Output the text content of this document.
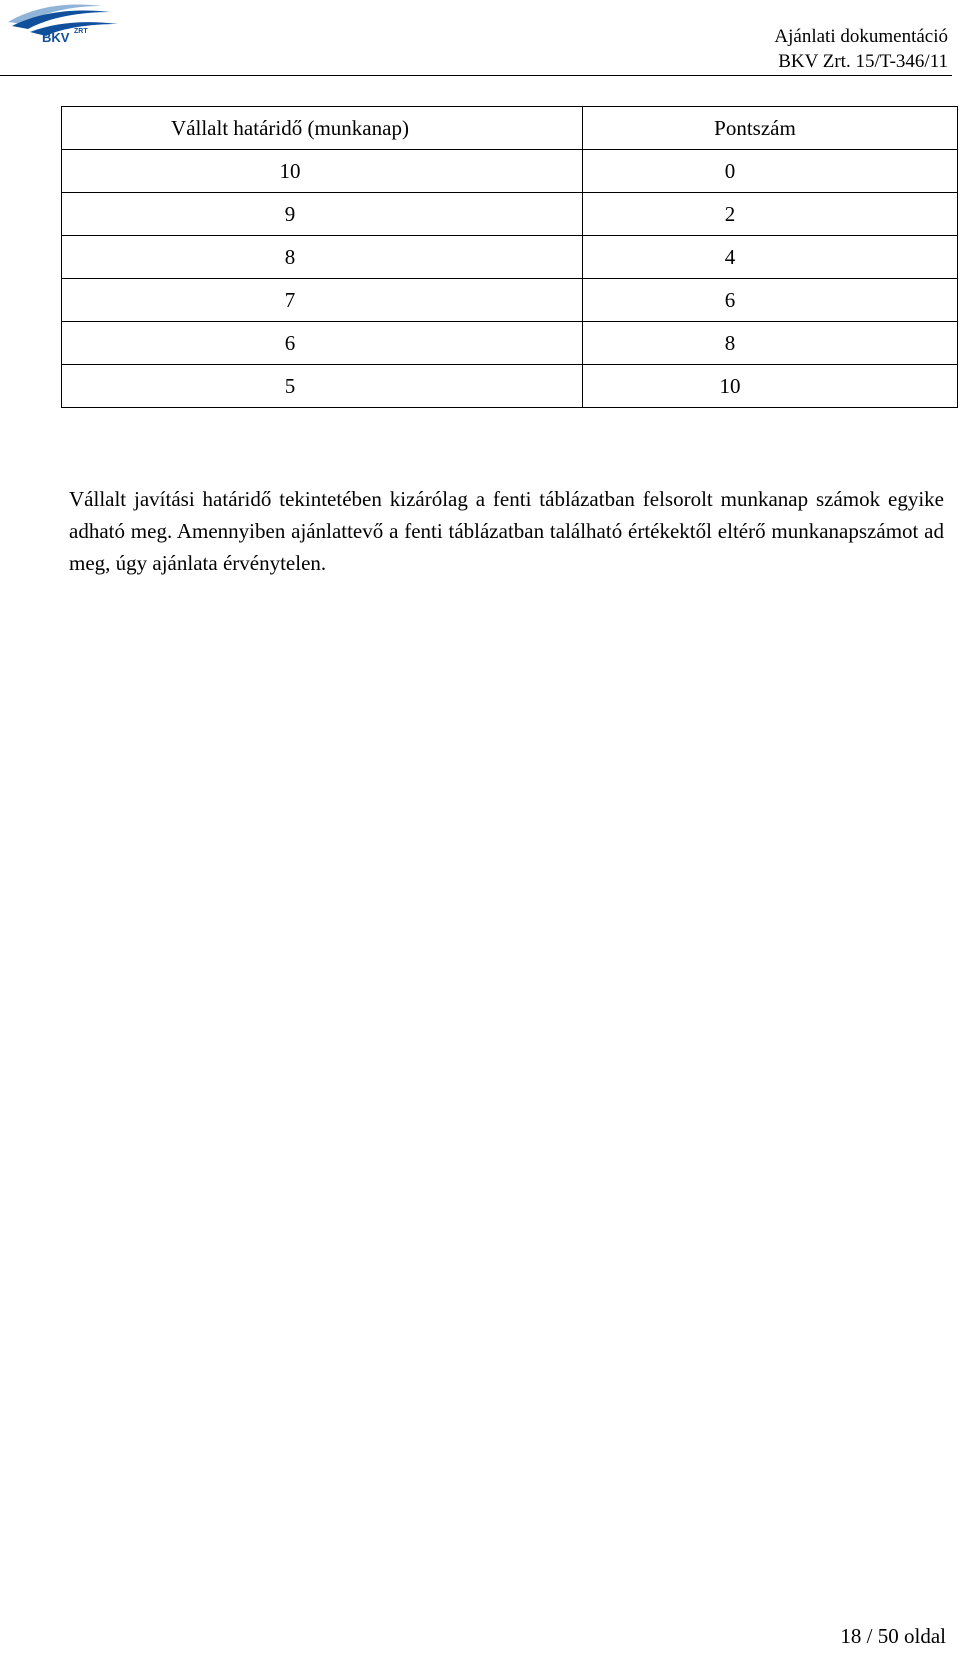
BKV ZRT	Ajánlati dokumentáció
BKV Zrt. 15/T-346/11
Vállalt határidő (munkanap)	Pontszám
10	0
9	2
8	4
7	6
6	8
5	10

Vállalt javítási határidő tekintetében kizárólag a fenti táblázatban felsorolt munkanap számok egyike adható meg. Amennyiben ajánlattevő a fenti táblázatban található értékektől eltérő munkanapszámot ad meg, úgy ajánlata érvénytelen.

18 / 50 oldal
